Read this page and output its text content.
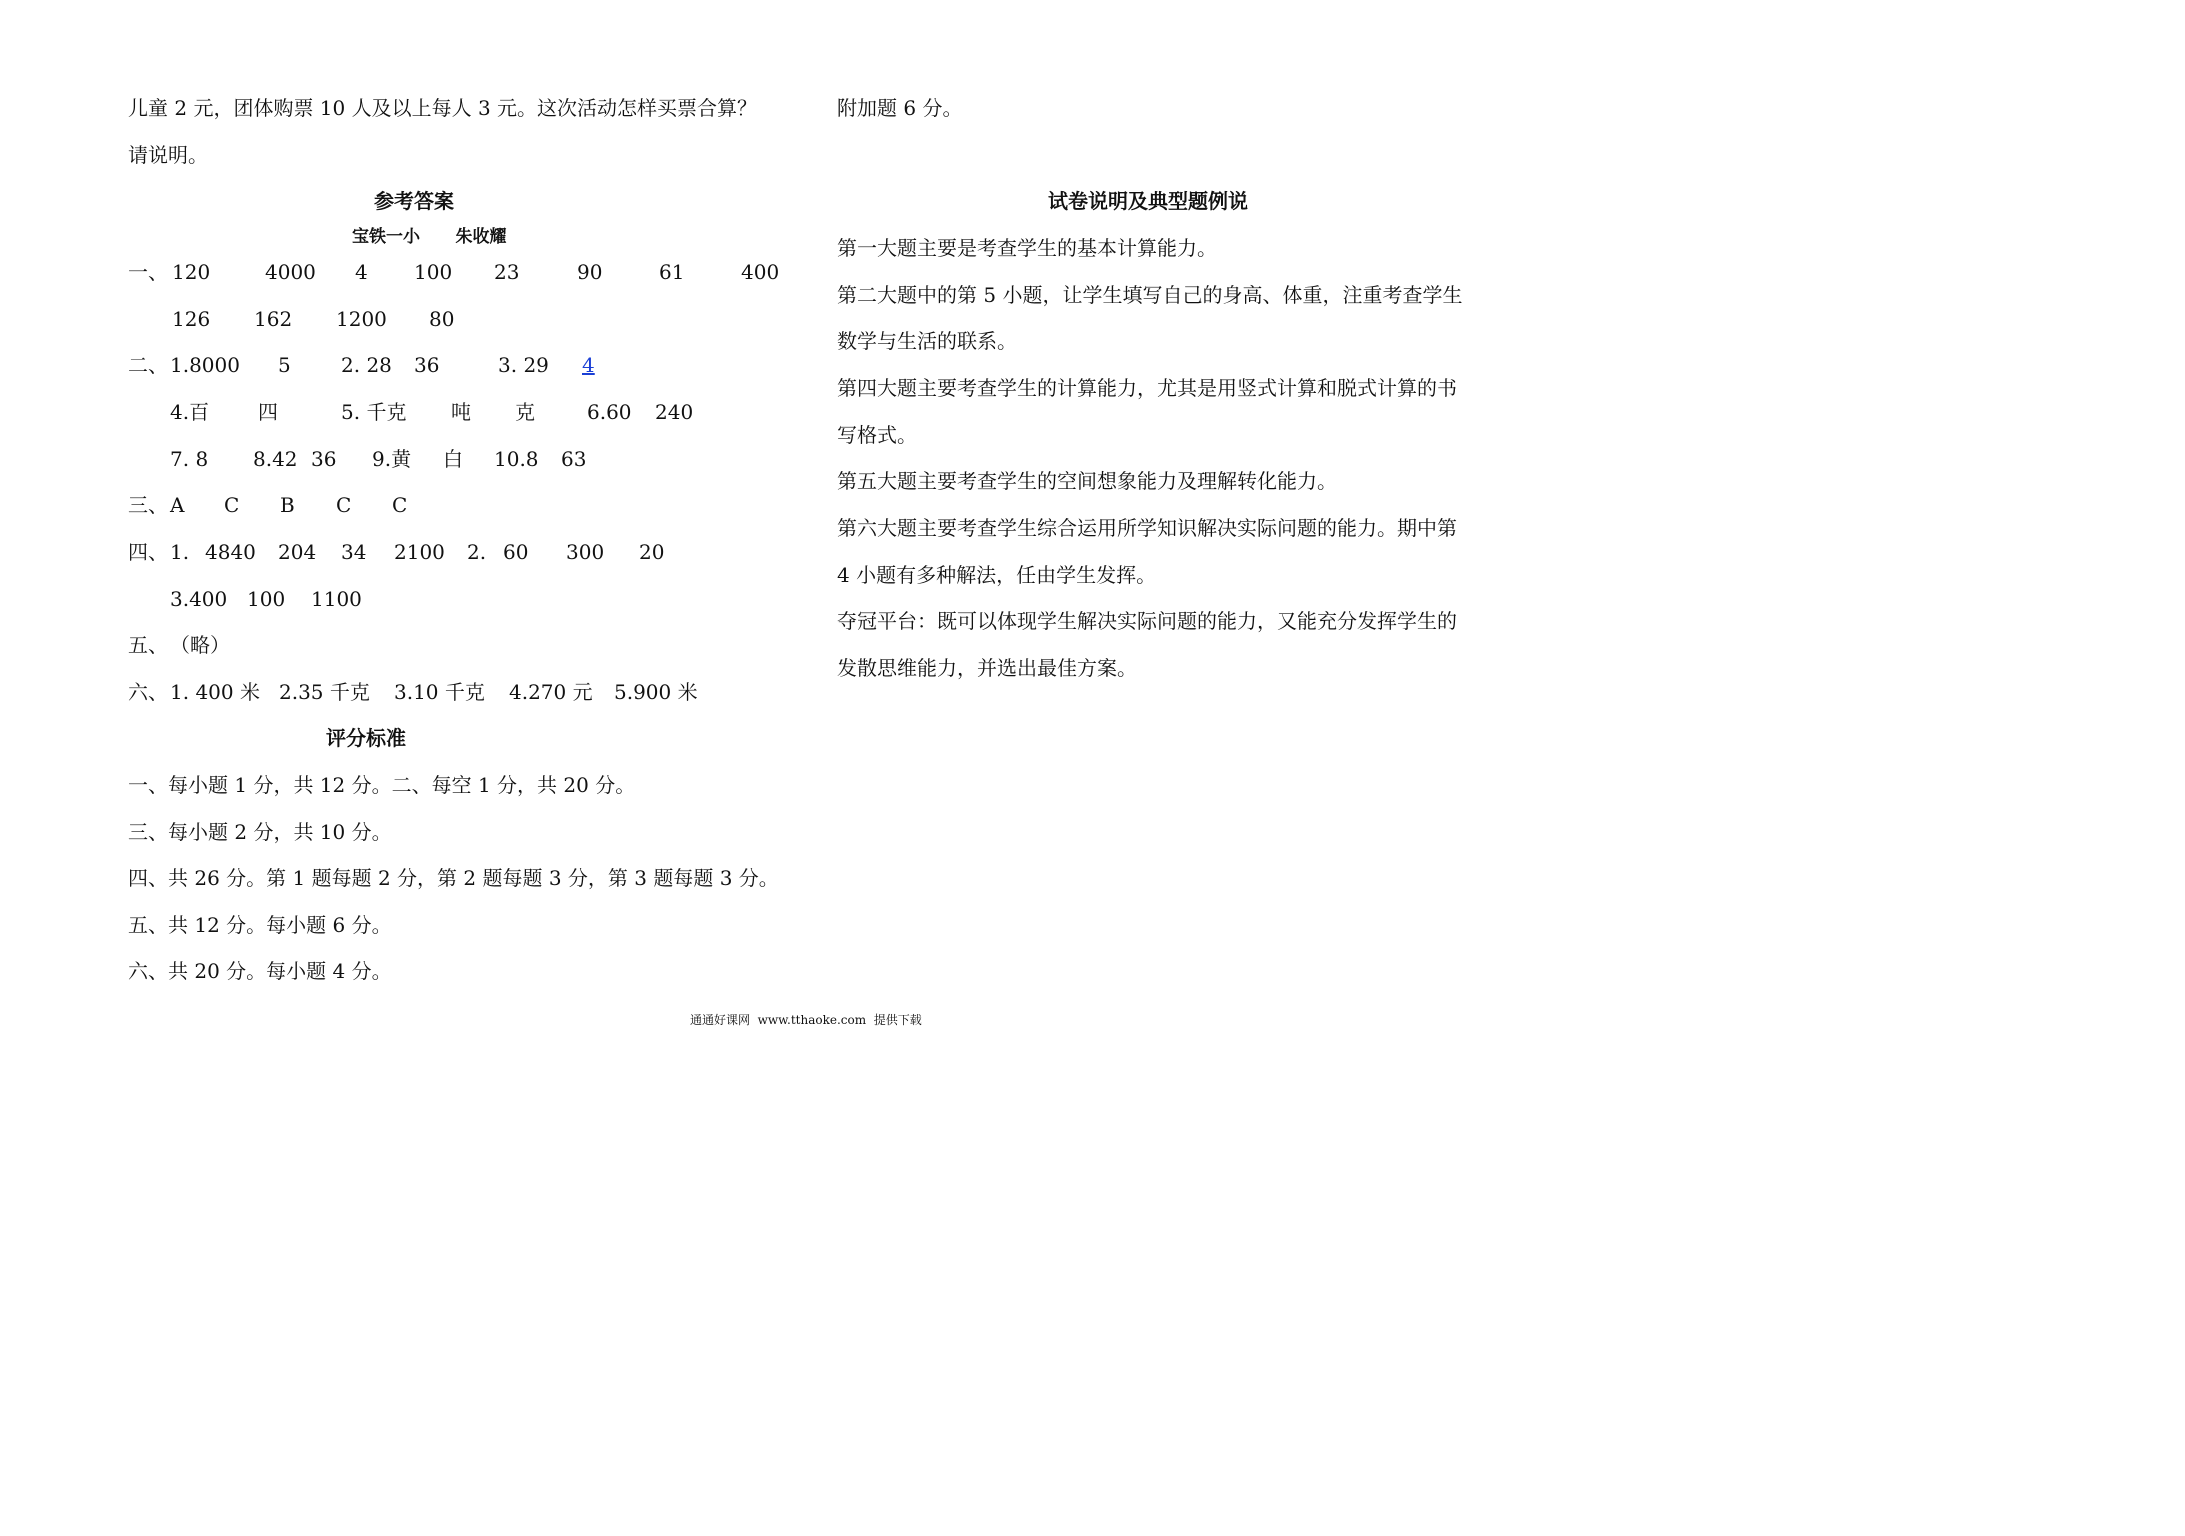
儿童 2 元，团体购票 10 人及以上每人 3 元。这次活动怎样买票合算？
请说明。
参考答案
宝铁一小      朱收耀
一、 120	4000 4 100 23	90	61	400
126 162 1200 80
二、 1.8000 5	2. 28 36	3. 29 4
4.百 四	5. 千克 吨 克	6.60 240
7. 8 8.42 36 9.黄 白 10.8 63
三、 A C B C C
四、 1. 4840 204 34 2100 2. 60 300 20
3.400 100 1100
五、 （略）
六、 1. 400 米 2.35 千克 3.10 千克 4.270 元 5.900 米
评分标准
一、每小题 1 分，共 12 分。二、每空 1 分，共 20 分。
三、每小题 2 分，共 10 分。
四、共 26 分。第 1 题每题 2 分，第 2 题每题 3 分，第 3 题每题 3 分。
五、共 12 分。每小题 6 分。
六、共 20 分。每小题 4 分。
附加题 6 分。
试卷说明及典型题例说
第一大题主要是考查学生的基本计算能力。
第二大题中的第 5 小题，让学生填写自己的身高、体重，注重考查学生
数学与生活的联系。
第四大题主要考查学生的计算能力，尤其是用竖式计算和脱式计算的书
写格式。
第五大题主要考查学生的空间想象能力及理解转化能力。
第六大题主要考查学生综合运用所学知识解决实际问题的能力。期中第
4 小题有多种解法，任由学生发挥。
夺冠平台：既可以体现学生解决实际问题的能力，又能充分发挥学生的
发散思维能力，并选出最佳方案。
通通好课网  www.tthaoke.com  提供下载
